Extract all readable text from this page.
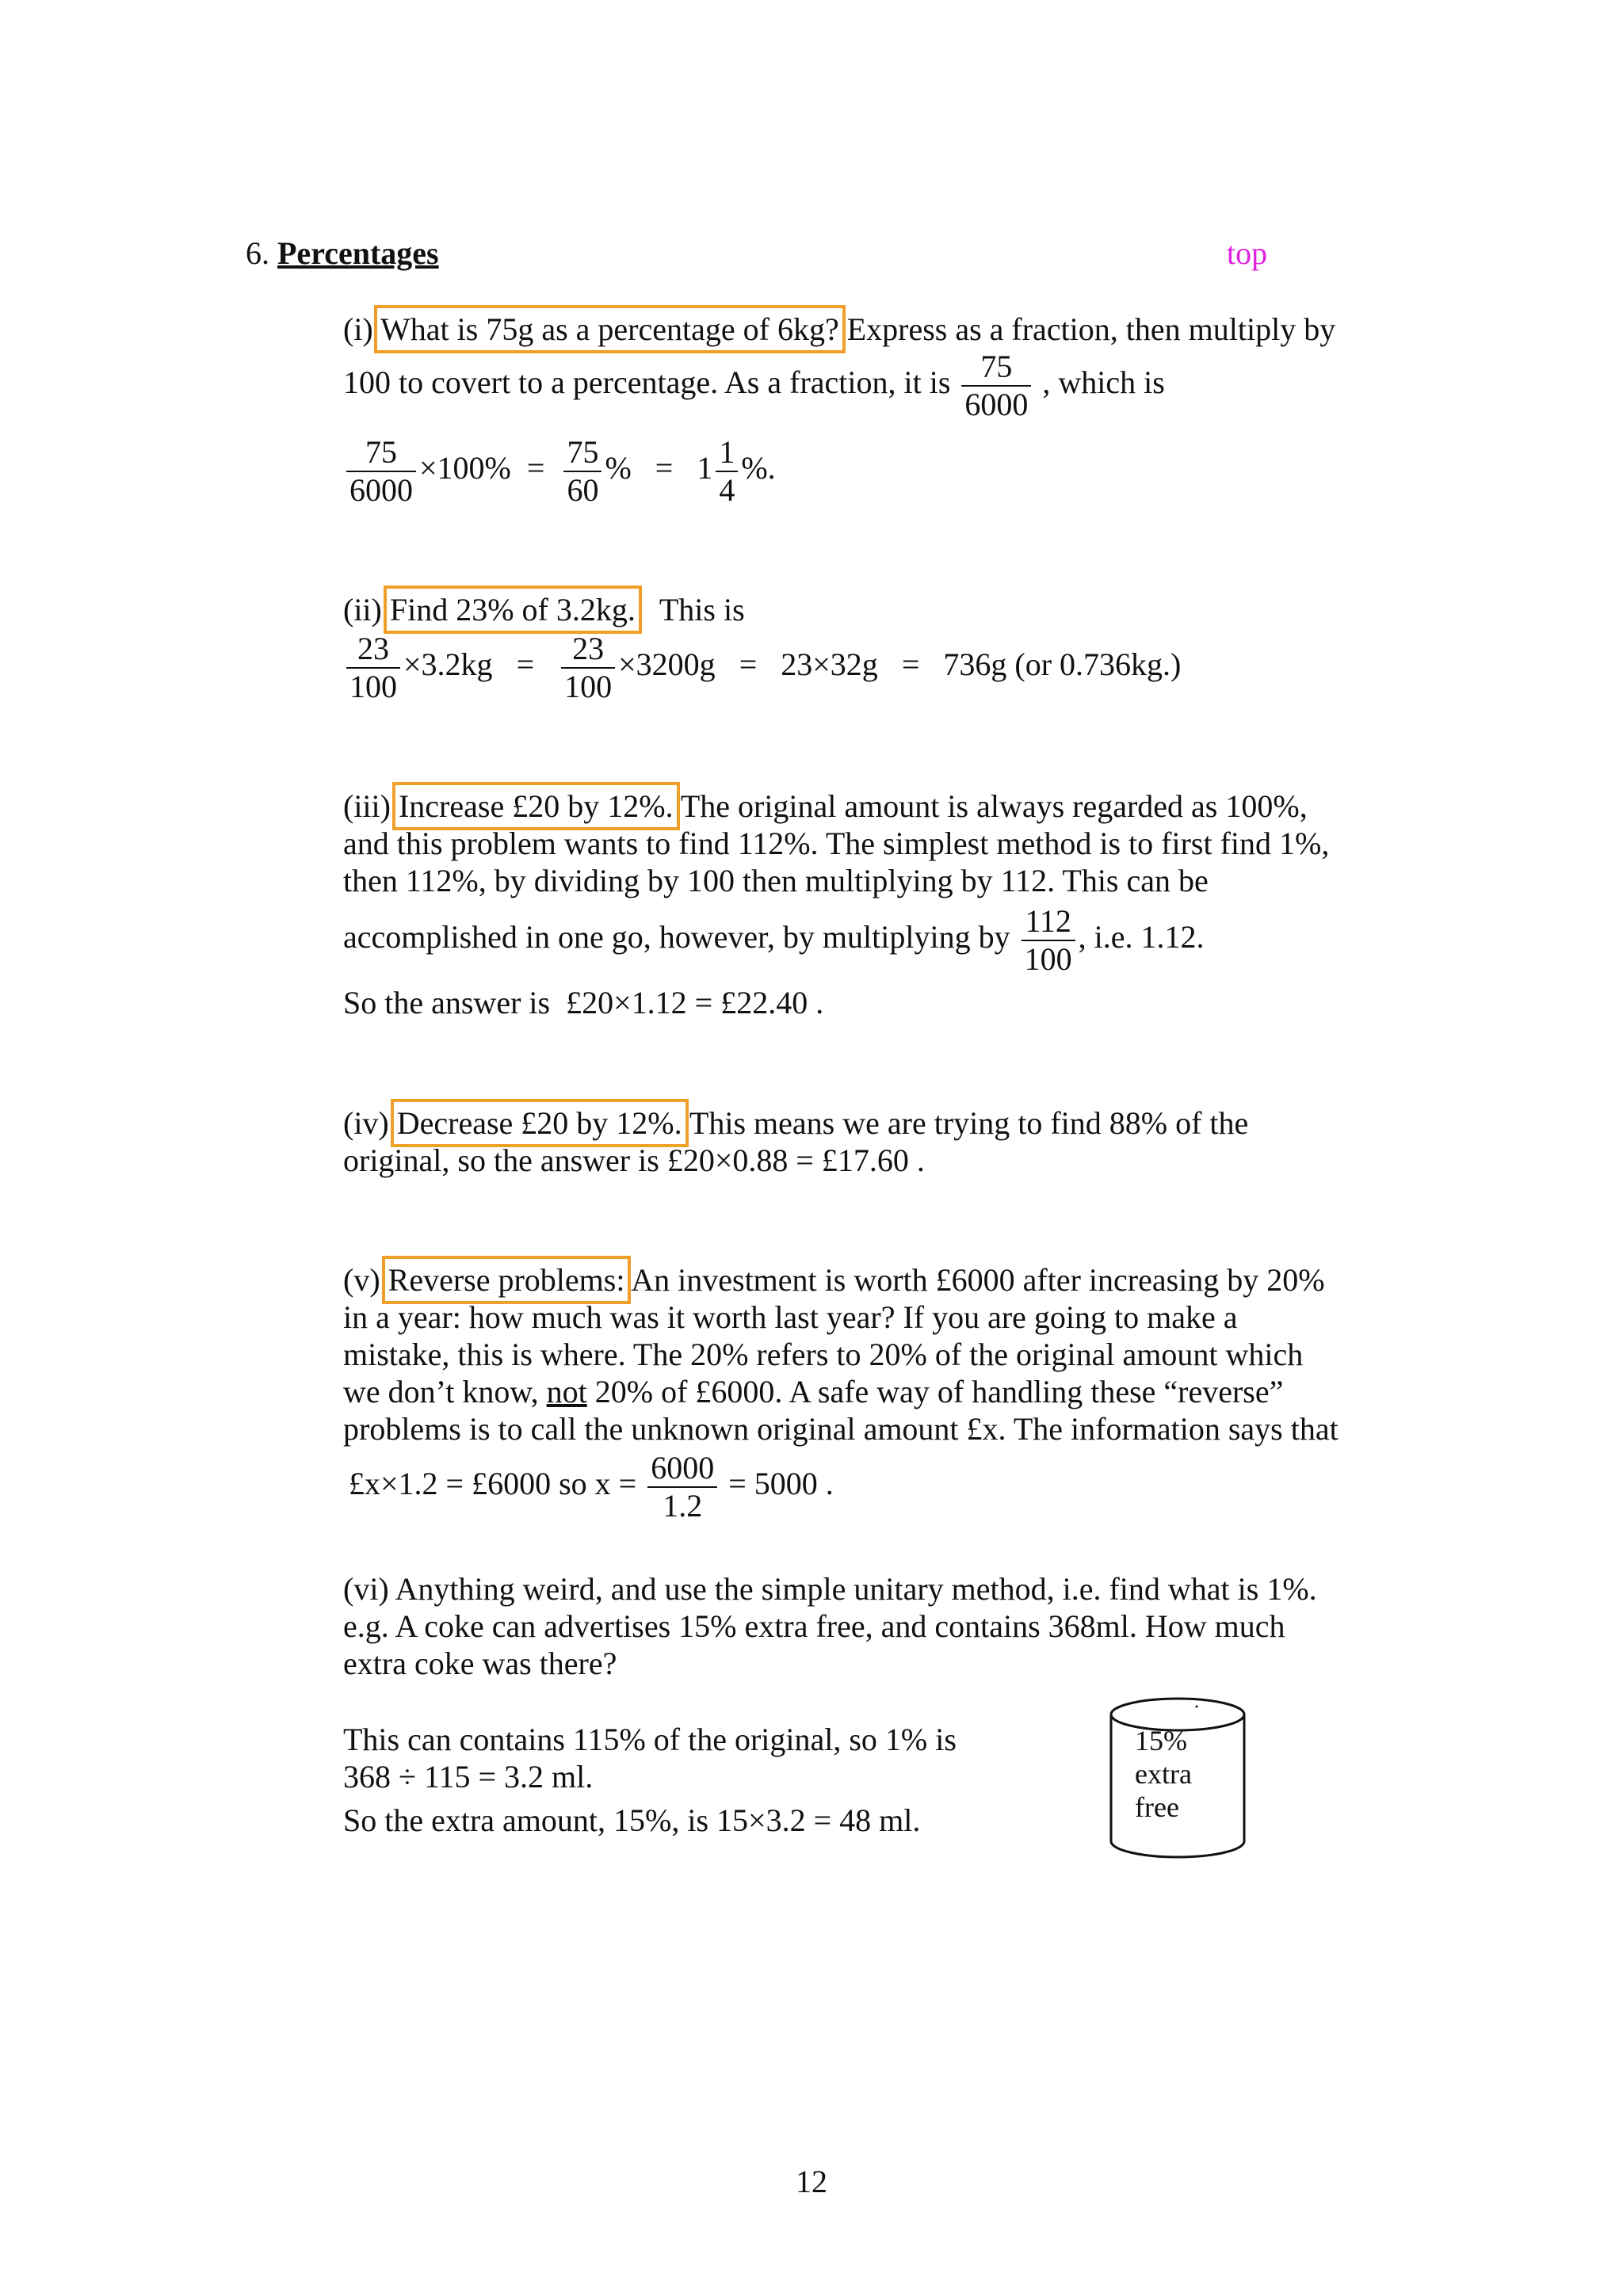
6. Percentages	top
(i) What is 75g as a percentage of 6kg? Express as a fraction, then multiply by
100 to covert to a percentage. As a fraction, it is $\frac{75}{6000}$ , which is
$\frac{75}{6000} \times 100\% = \frac{75}{60}$ % = $1 \frac{1}{4}$ %.
(ii) Find 23% of 3.2kg. This is
$\frac{23}{100} \times 3.2kg = \frac{23}{100} \times 3200g = 23\times 32g = 736g$ (or 0.736kg.)
(iii) Increase £20 by 12%. The original amount is always regarded as 100%,
and this problem wants to find 112%. The simplest method is to first find 1%,
then 112%, by dividing by 100 then multiplying by 112. This can be
accomplished in one go, however, by multiplying by $\frac{112}{100}$ , i.e. 1.12.
So the answer is £20×1.12 = £22.40 .
(iv) Decrease £20 by 12%. This means we are trying to find 88% of the
original, so the answer is £20×0.88 = £17.60 .
(v) Reverse problems: An investment is worth £6000 after increasing by 20%
in a year: how much was it worth last year? If you are going to make a
mistake, this is where. The 20% refers to 20% of the original amount which
we don’t know, not 20% of £6000. A safe way of handling these “reverse”
problems is to call the unknown original amount £x. The information says that
£x×1.2 = £6000 so $x = \frac{6000}{1.2} = 5000$ .
(vi) Anything weird, and use the simple unitary method, i.e. find what is 1%.
e.g. A coke can advertises 15% extra free, and contains 368ml. How much
extra coke was there?
This can contains 115% of the original, so 1% is
368 ÷ 115 = 3.2 ml.
So the extra amount, 15%, is 15×3.2 = 48 ml.
15%
extra
free
12
